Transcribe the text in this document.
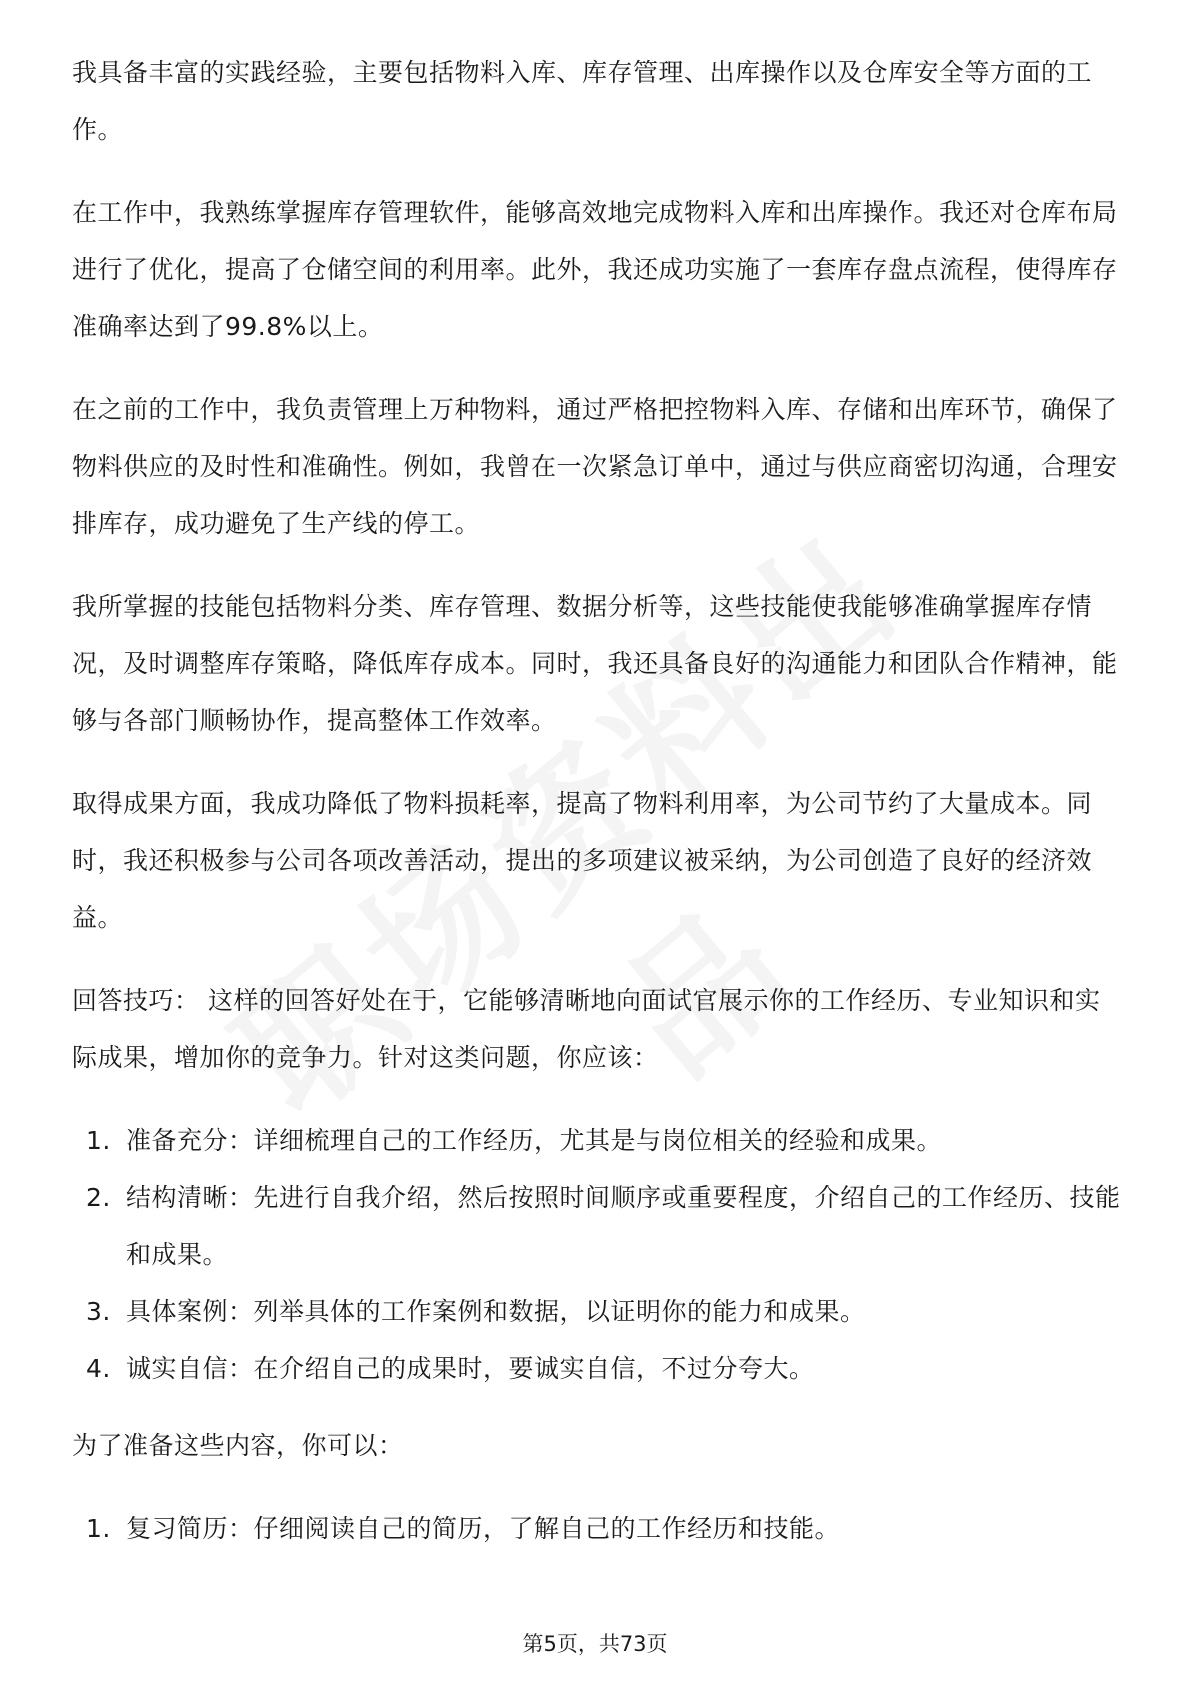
我具备丰富的实践经验，主要包括物料入库、库存管理、出库操作以及仓库安全等方面的工作。

在工作中，我熟练掌握库存管理软件，能够高效地完成物料入库和出库操作。我还对仓库布局进行了优化，提高了仓储空间的利用率。此外，我还成功实施了一套库存盘点流程，使得库存准确率达到了99.8%以上。

在之前的工作中，我负责管理上万种物料，通过严格把控物料入库、存储和出库环节，确保了物料供应的及时性和准确性。例如，我曾在一次紧急订单中，通过与供应商密切沟通，合理安排库存，成功避免了生产线的停工。

我所掌握的技能包括物料分类、库存管理、数据分析等，这些技能使我能够准确掌握库存情况，及时调整库存策略，降低库存成本。同时，我还具备良好的沟通能力和团队合作精神，能够与各部门顺畅协作，提高整体工作效率。

取得成果方面，我成功降低了物料损耗率，提高了物料利用率，为公司节约了大量成本。同时，我还积极参与公司各项改善活动，提出的多项建议被采纳，为公司创造了良好的经济效益。

回答技巧： 这样的回答好处在于，它能够清晰地向面试官展示你的工作经历、专业知识和实际成果，增加你的竞争力。针对这类问题，你应该：

1. 准备充分：详细梳理自己的工作经历，尤其是与岗位相关的经验和成果。
2. 结构清晰：先进行自我介绍，然后按照时间顺序或重要程度，介绍自己的工作经历、技能和成果。
3. 具体案例：列举具体的工作案例和数据，以证明你的能力和成果。
4. 诚实自信：在介绍自己的成果时，要诚实自信，不过分夸大。

为了准备这些内容，你可以：

1. 复习简历：仔细阅读自己的简历，了解自己的工作经历和技能。
第5页，共73页
